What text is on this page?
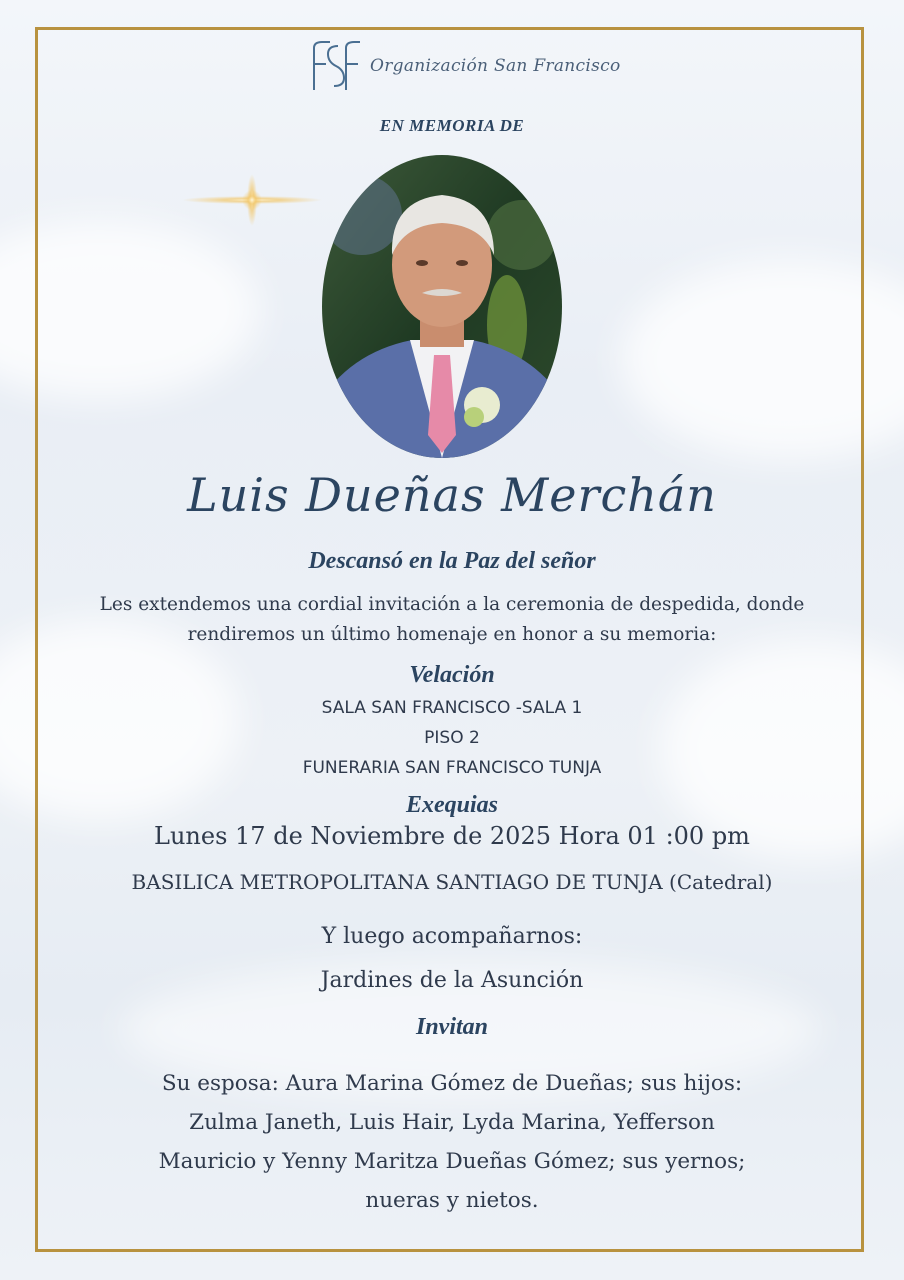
Organización San Francisco
EN MEMORIA DE
Luis Dueñas Merchán
Descansó en la Paz del señor
Les extendemos una cordial invitación a la ceremonia de despedida, donde
rendiremos un último homenaje en honor a su memoria:
Velación
SALA SAN FRANCISCO -SALA 1
PISO 2
FUNERARIA SAN FRANCISCO TUNJA
Exequias
Lunes 17 de Noviembre de 2025 Hora 01 :00 pm
BASILICA METROPOLITANA SANTIAGO DE TUNJA (Catedral)
Y luego acompañarnos:
Jardines de la Asunción
Invitan
Su esposa: Aura Marina Gómez de Dueñas; sus hijos:
Zulma Janeth, Luis Hair, Lyda Marina, Yefferson
Mauricio y Yenny Maritza Dueñas Gómez; sus yernos;
nueras y nietos.
